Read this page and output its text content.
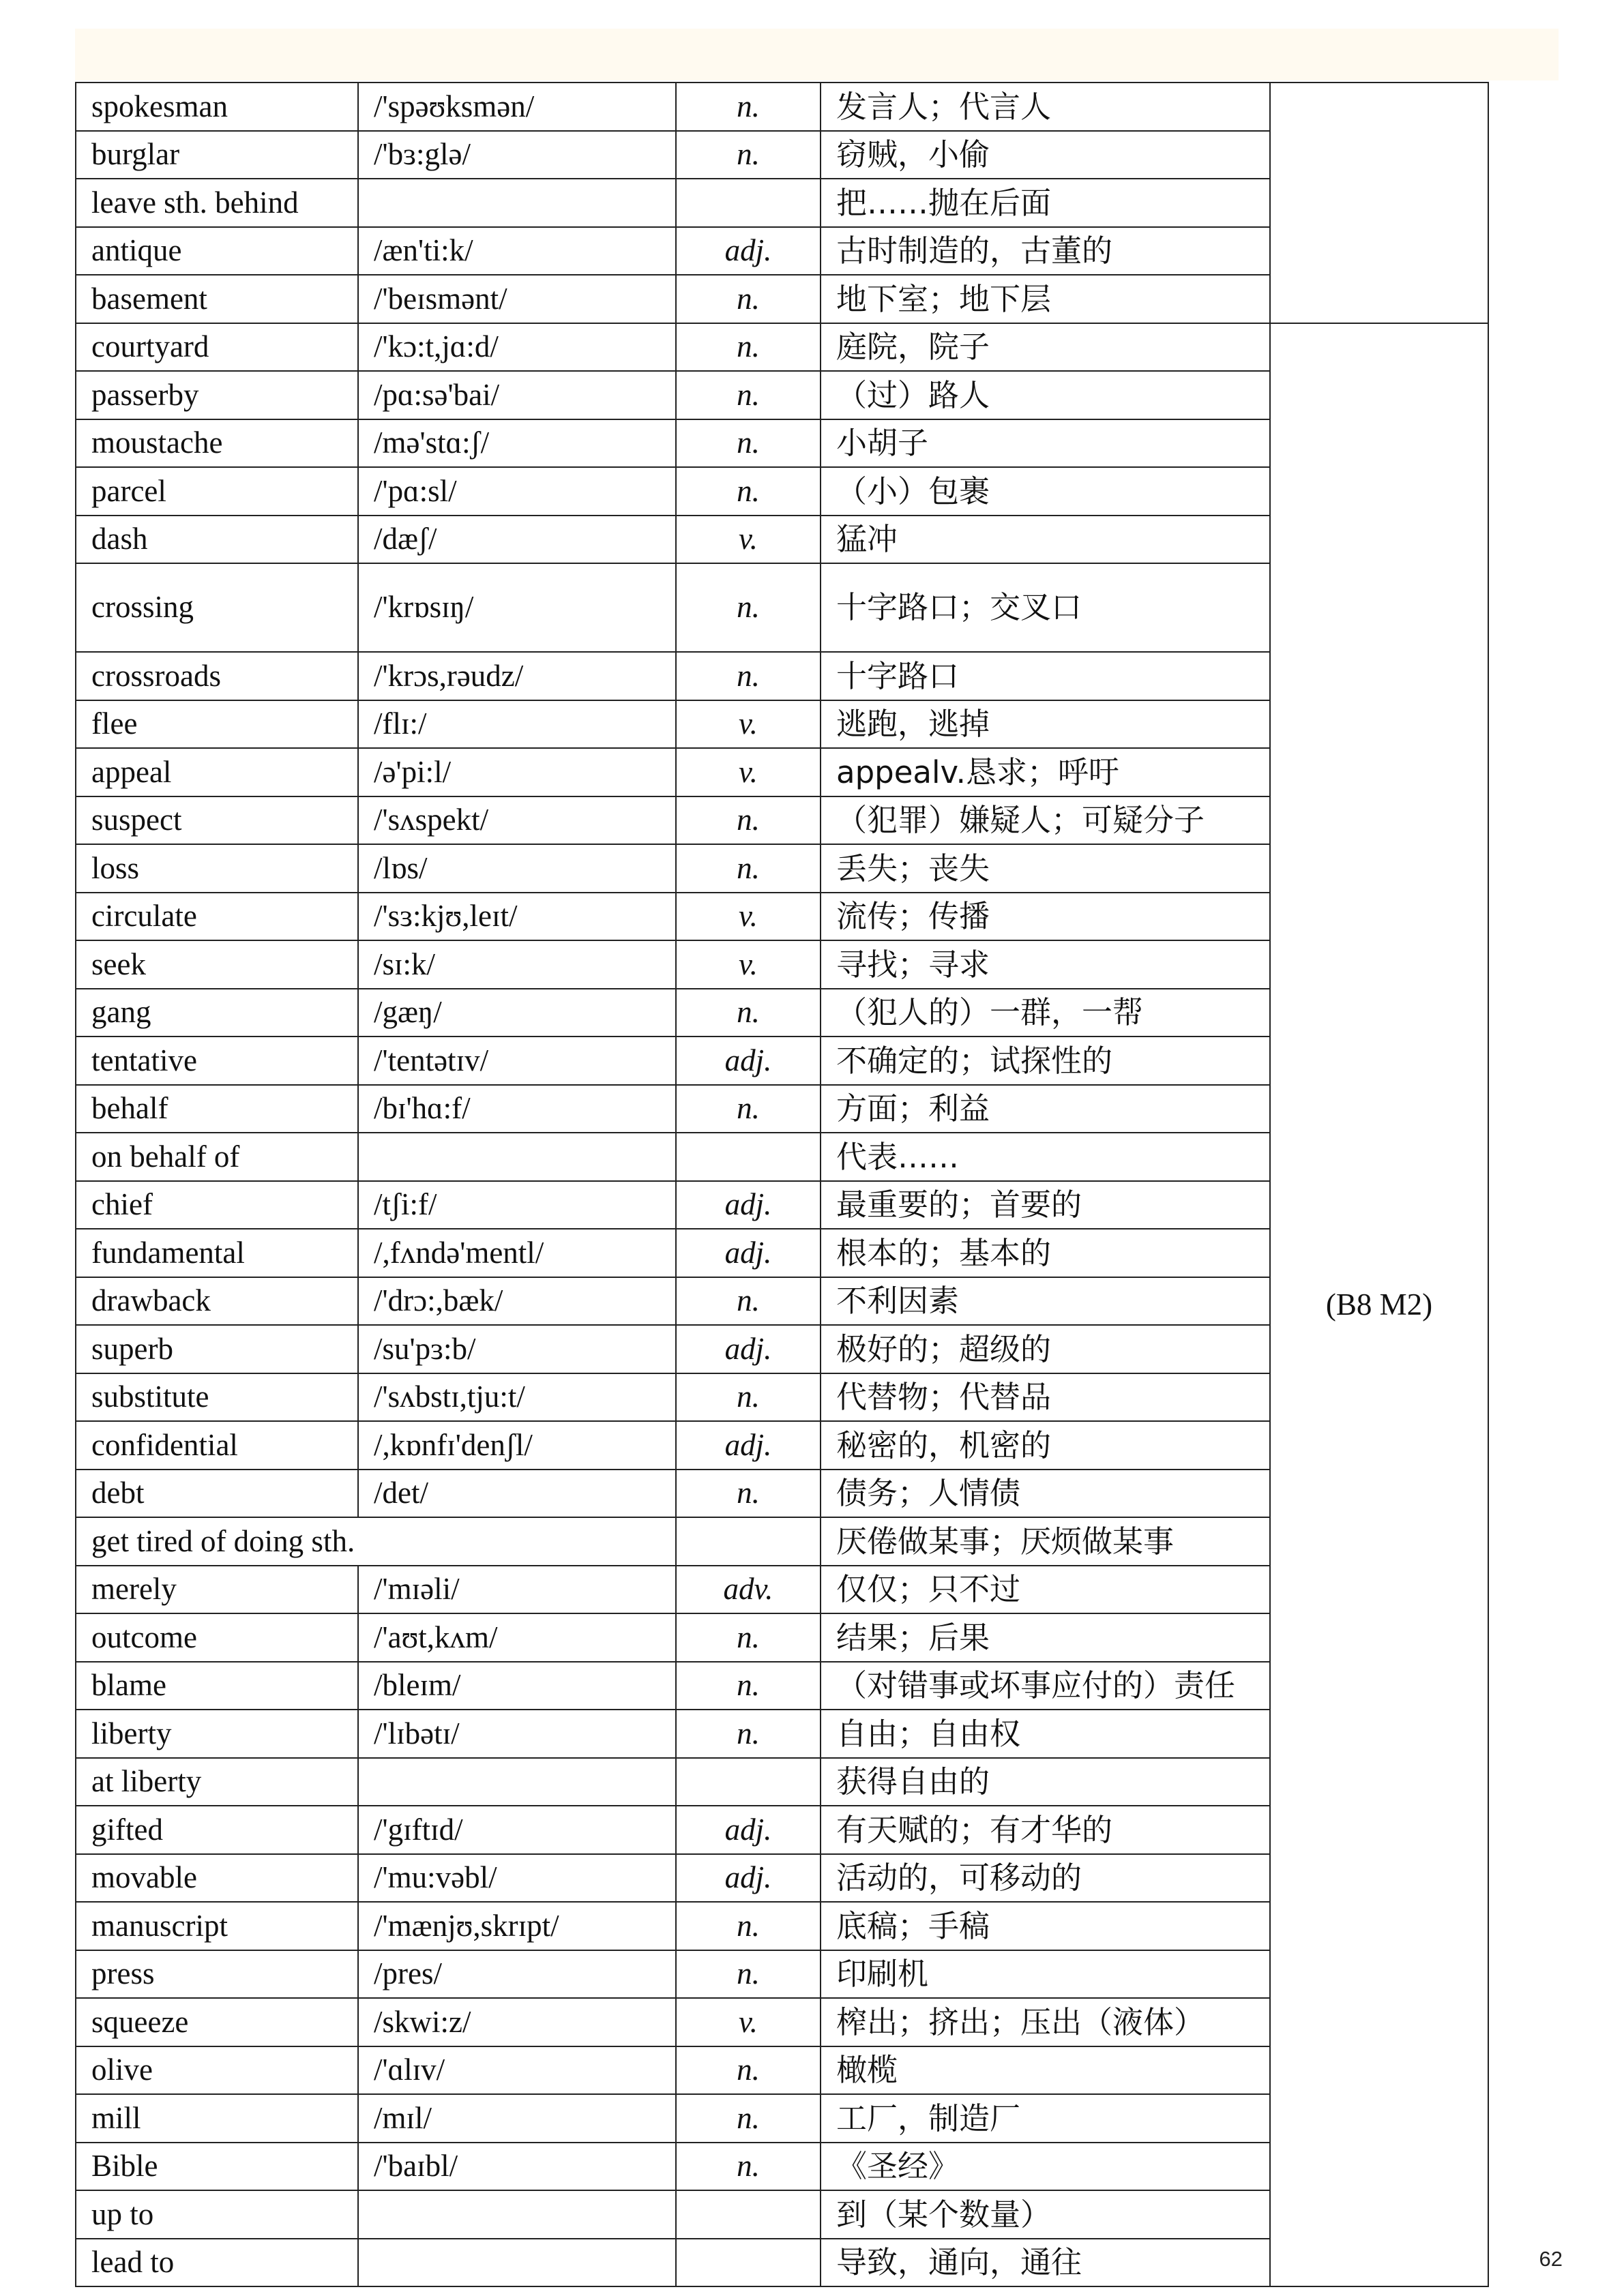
spokesman	/'spəʊksmən/	n.	发言人；代言人	
burglar	/'bɜ:glə/	n.	窃贼，小偷	
leave sth. behind			把……抛在后面	
antique	/æn'ti:k/	adj.	古时制造的，古董的	
basement	/'beɪsmənt/	n.	地下室；地下层	
courtyard	/'kɔ:t,jɑ:d/	n.	庭院，院子	(B8 M2)
passerby	/pɑ:sə'bai/	n.	（过）路人	
moustache	/mə'stɑ:ʃ/	n.	小胡子	
parcel	/'pɑ:sl/	n.	（小）包裹	
dash	/dæʃ/	v.	猛冲	
crossing	/'krɒsɪŋ/	n.	十字路口；交叉口	
crossroads	/'krɔs,rəudz/	n.	十字路口	
flee	/flɪ:/	v.	逃跑，逃掉	
appeal	/ə'pi:l/	v.	appealv.恳求；呼吁	
suspect	/'sʌspekt/	n.	（犯罪）嫌疑人；可疑分子	
loss	/lɒs/	n.	丢失；丧失	
circulate	/'sɜ:kjʊ,leɪt/	v.	流传；传播	
seek	/sɪ:k/	v.	寻找；寻求	
gang	/gæŋ/	n.	（犯人的）一群，一帮	
tentative	/'tentətɪv/	adj.	不确定的；试探性的	
behalf	/bɪ'hɑ:f/	n.	方面；利益	
on behalf of			代表……	
chief	/tʃi:f/	adj.	最重要的；首要的	
fundamental	/,fʌndə'mentl/	adj.	根本的；基本的	
drawback	/'drɔ:,bæk/	n.	不利因素	
superb	/su'pɜ:b/	adj.	极好的；超级的	
substitute	/'sʌbstɪ,tju:t/	n.	代替物；代替品	
confidential	/,kɒnfɪ'denʃl/	adj.	秘密的，机密的	
debt	/det/	n.	债务；人情债	
get tired of doing sth.			厌倦做某事；厌烦做某事	
merely	/'mɪəli/	adv.	仅仅；只不过	
outcome	/'aʊt,kʌm/	n.	结果；后果	
blame	/bleɪm/	n.	（对错事或坏事应付的）责任	
liberty	/'lɪbətɪ/	n.	自由；自由权	
at liberty			获得自由的	
gifted	/'gɪftɪd/	adj.	有天赋的；有才华的	
movable	/'mu:vəbl/	adj.	活动的，可移动的	
manuscript	/'mænjʊ,skrɪpt/	n.	底稿；手稿	
press	/pres/	n.	印刷机	
squeeze	/skwi:z/	v.	榨出；挤出；压出（液体）	
olive	/'ɑlɪv/	n.	橄榄	
mill	/mɪl/	n.	工厂，制造厂	
Bible	/'baɪbl/	n.	《圣经》	
up to			到（某个数量）	
lead to			导致，通向，通往		62
